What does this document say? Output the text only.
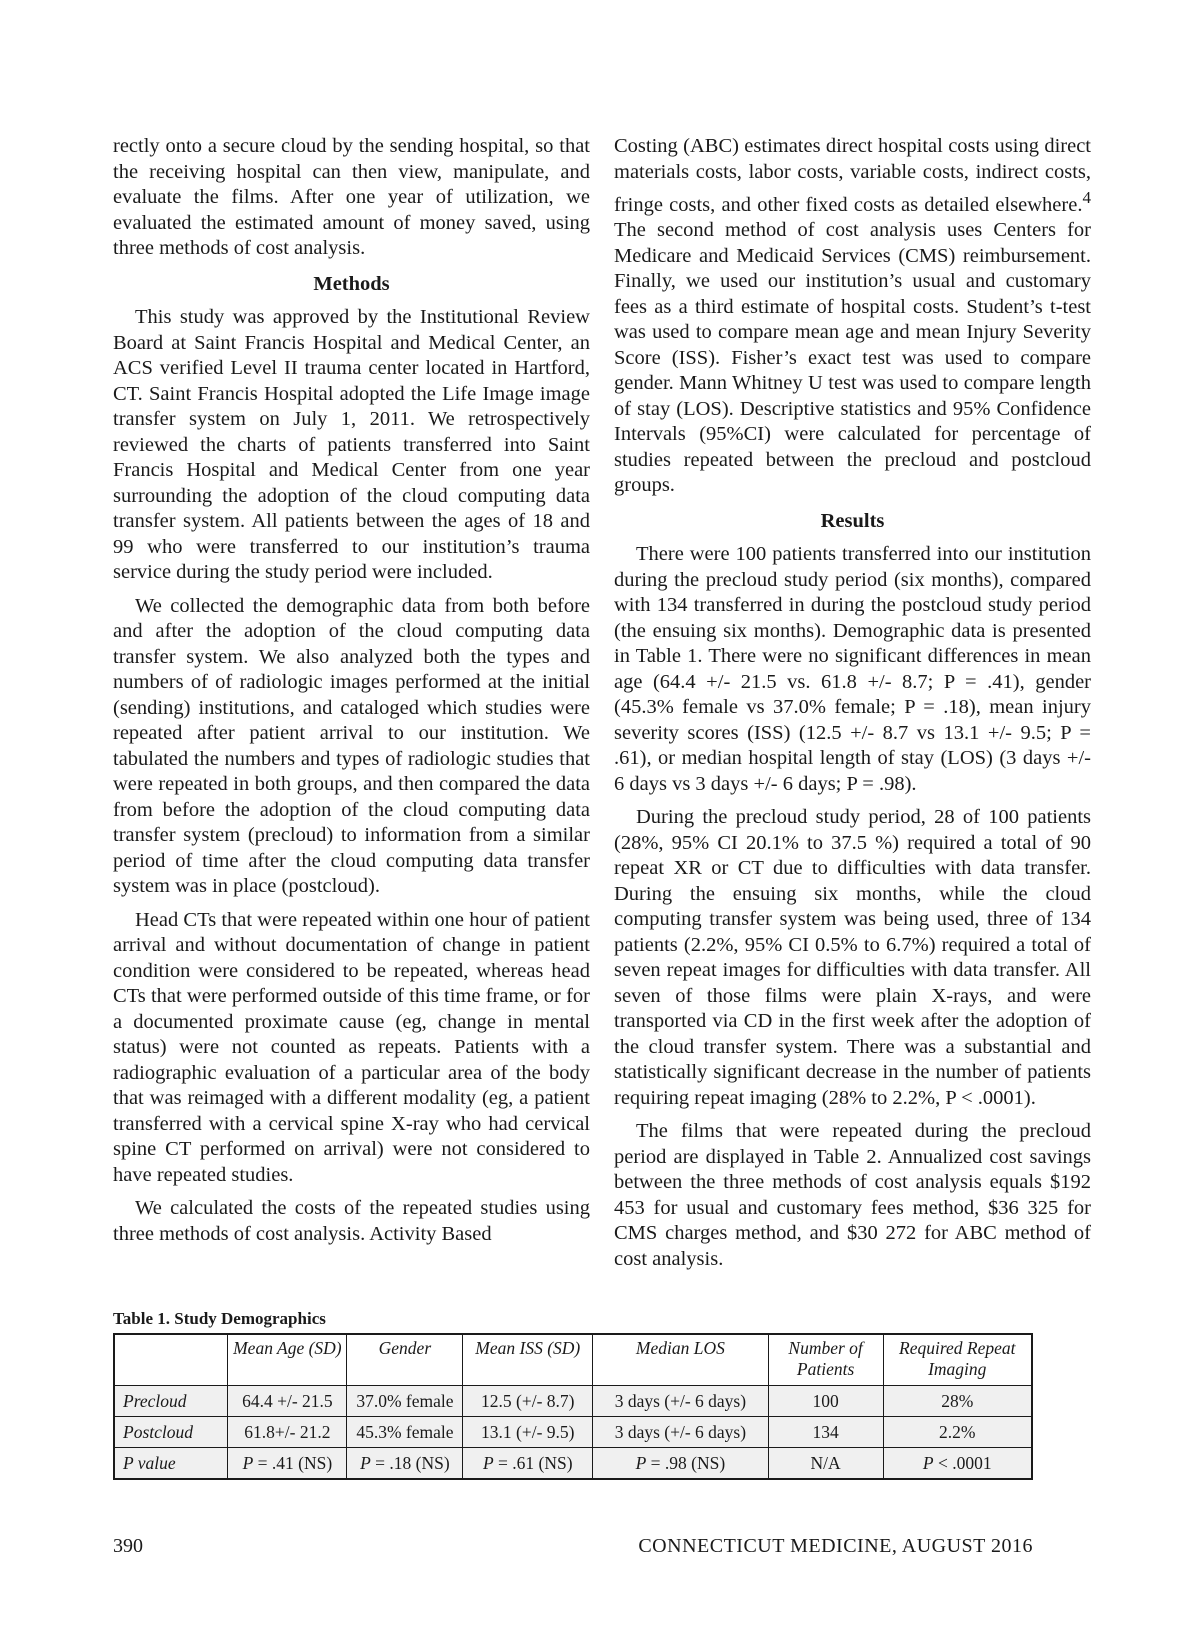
rectly onto a secure cloud by the sending hospital, so that the receiving hospital can then view, manipulate, and evaluate the films. After one year of utilization, we evaluated the estimated amount of money saved, using three methods of cost analysis.

Methods

This study was approved by the Institutional Review Board at Saint Francis Hospital and Medical Center, an ACS verified Level II trauma center located in Hartford, CT. Saint Francis Hospital adopted the Life Image image transfer system on July 1, 2011. We retrospectively reviewed the charts of patients transferred into Saint Francis Hospital and Medical Center from one year surrounding the adoption of the cloud computing data transfer system. All patients between the ages of 18 and 99 who were transferred to our institution’s trauma service during the study period were included.

We collected the demographic data from both before and after the adoption of the cloud computing data transfer system. We also analyzed both the types and numbers of of radiologic images performed at the initial (sending) institutions, and cataloged which studies were repeated after patient arrival to our institution. We tabulated the numbers and types of radiologic studies that were repeated in both groups, and then compared the data from before the adoption of the cloud computing data transfer system (precloud) to information from a similar period of time after the cloud computing data transfer system was in place (postcloud).

Head CTs that were repeated within one hour of patient arrival and without documentation of change in patient condition were considered to be repeated, whereas head CTs that were performed outside of this time frame, or for a documented proximate cause (eg, change in mental status) were not counted as repeats. Patients with a radiographic evaluation of a particular area of the body that was reimaged with a different modality (eg, a patient transferred with a cervical spine X-ray who had cervical spine CT performed on arrival) were not considered to have repeated studies.

We calculated the costs of the repeated studies using three methods of cost analysis. Activity Based

Costing (ABC) estimates direct hospital costs using direct materials costs, labor costs, variable costs, indirect costs, fringe costs, and other fixed costs as detailed elsewhere.$^4$ The second method of cost analysis uses Centers for Medicare and Medicaid Services (CMS) reimbursement. Finally, we used our institution’s usual and customary fees as a third estimate of hospital costs. Student’s t-test was used to compare mean age and mean Injury Severity Score (ISS). Fisher’s exact test was used to compare gender. Mann Whitney U test was used to compare length of stay (LOS). Descriptive statistics and 95% Confidence Intervals (95%CI) were calculated for percentage of studies repeated between the precloud and postcloud groups.

Results

There were 100 patients transferred into our institution during the precloud study period (six months), compared with 134 transferred in during the postcloud study period (the ensuing six months). Demographic data is presented in Table 1. There were no significant differences in mean age (64.4 +/- 21.5 vs. 61.8 +/- 8.7; P = .41), gender (45.3% female vs 37.0% female; P = .18), mean injury severity scores (ISS) (12.5 +/- 8.7 vs 13.1 +/- 9.5; P = .61), or median hospital length of stay (LOS) (3 days +/- 6 days vs 3 days +/- 6 days; P = .98).

During the precloud study period, 28 of 100 patients (28%, 95% CI 20.1% to 37.5 %) required a total of 90 repeat XR or CT due to difficulties with data transfer. During the ensuing six months, while the cloud computing transfer system was being used, three of 134 patients (2.2%, 95% CI 0.5% to 6.7%) required a total of seven repeat images for difficulties with data transfer. All seven of those films were plain X-rays, and were transported via CD in the first week after the adoption of the cloud transfer system. There was a substantial and statistically significant decrease in the number of patients requiring repeat imaging (28% to 2.2%, P < .0001).

The films that were repeated during the precloud period are displayed in Table 2. Annualized cost savings between the three methods of cost analysis equals $192 453 for usual and customary fees method, $36 325 for CMS charges method, and $30 272 for ABC method of cost analysis.

Table 1. Study Demographics
	Mean Age (SD)	Gender	Mean ISS (SD)	Median LOS	Number of Patients	Required Repeat Imaging
Precloud	64.4 +/- 21.5	37.0% female	12.5 (+/- 8.7)	3 days (+/- 6 days)	100	28%
Postcloud	61.8+/- 21.2	45.3% female	13.1 (+/- 9.5)	3 days (+/- 6 days)	134	2.2%
P value	P = .41 (NS)	P = .18 (NS)	P = .61 (NS)	P = .98 (NS)	N/A	P < .0001
390	CONNECTICUT MEDICINE, AUGUST 2016
